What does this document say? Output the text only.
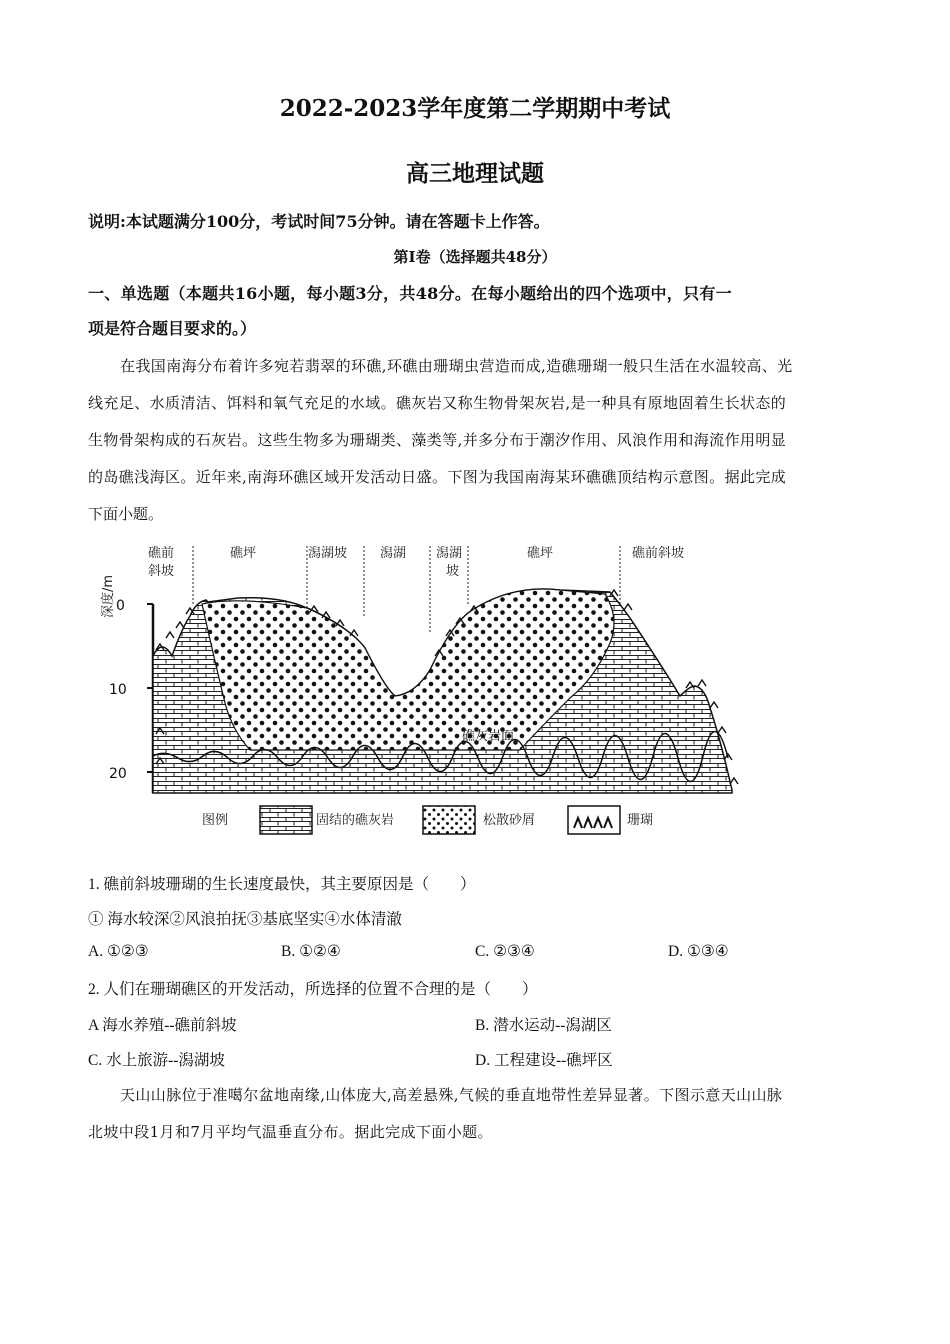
2022-2023学年度第二学期期中考试
高三地理试题
说明:本试题满分100分，考试时间75分钟。请在答题卡上作答。
第Ⅰ卷（选择题共48分）
一、单选题（本题共16小题，每小题3分，共48分。在每小题给出的四个选项中，只有一
项是符合题目要求的。）
在我国南海分布着许多宛若翡翠的环礁,环礁由珊瑚虫营造而成,造礁珊瑚一般只生活在水温较高、光
线充足、水质清洁、饵料和氧气充足的水域。礁灰岩又称生物骨架灰岩,是一种具有原地固着生长状态的
生物骨架构成的石灰岩。这些生物多为珊瑚类、藻类等,并多分布于潮汐作用、风浪作用和海流作用明显
的岛礁浅海区。近年来,南海环礁区域开发活动日盛。下图为我国南海某环礁礁顶结构示意图。据此完成
下面小题。
礁前
斜坡
礁坪	潟湖坡	潟湖 潟湖
坡
礁坪	礁前斜坡
深度/m 0
10
20
礁灰岩面
图例	固结的礁灰岩	松散砂屑	珊瑚
1. 礁前斜坡珊瑚的生长速度最快，其主要原因是（　　）
① 海水较深②风浪拍抚③基底坚实④水体清澈
A. ①②③	B. ①②④	C. ②③④	D. ①③④
2. 人们在珊瑚礁区的开发活动，所选择的位置不合理的是（　　）
A 海水养殖--礁前斜坡	B. 潜水运动--潟湖区
C. 水上旅游--潟湖坡	D. 工程建设--礁坪区
天山山脉位于准噶尔盆地南缘,山体庞大,高差悬殊,气候的垂直地带性差异显著。下图示意天山山脉
北坡中段1月和7月平均气温垂直分布。据此完成下面小题。
